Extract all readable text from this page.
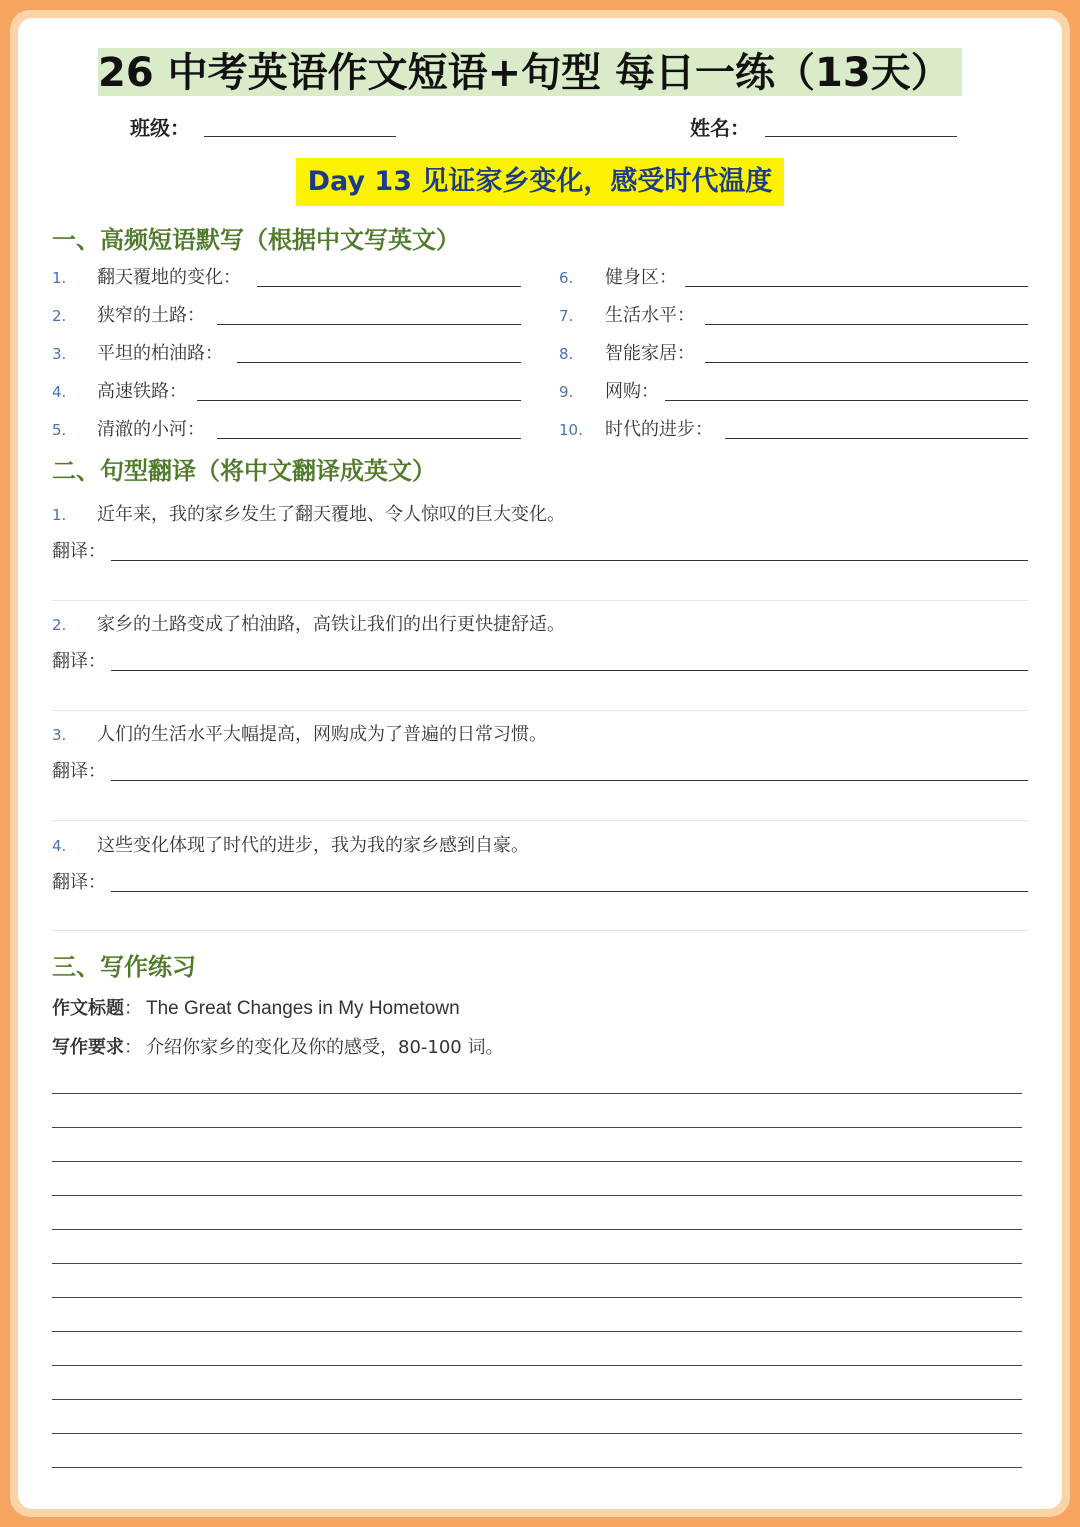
26 中考英语作文短语+句型 每日一练（13天）
班级：	姓名：
Day 13 见证家乡变化，感受时代温度
一、高频短语默写（根据中文写英文）
1. 翻天覆地的变化：
2. 狭窄的土路：
3. 平坦的柏油路：
4. 高速铁路：
5. 清澈的小河：
6. 健身区：
7. 生活水平：
8. 智能家居：
9. 网购：
10. 时代的进步：
二、句型翻译（将中文翻译成英文）
1. 近年来，我的家乡发生了翻天覆地、令人惊叹的巨大变化。
翻译：
2. 家乡的土路变成了柏油路，高铁让我们的出行更快捷舒适。
翻译：
3. 人们的生活水平大幅提高，网购成为了普遍的日常习惯。
翻译：
4. 这些变化体现了时代的进步，我为我的家乡感到自豪。
翻译：
三、写作练习
作文标题： The Great Changes in My Hometown
写作要求： 介绍你家乡的变化及你的感受，80-100 词。
